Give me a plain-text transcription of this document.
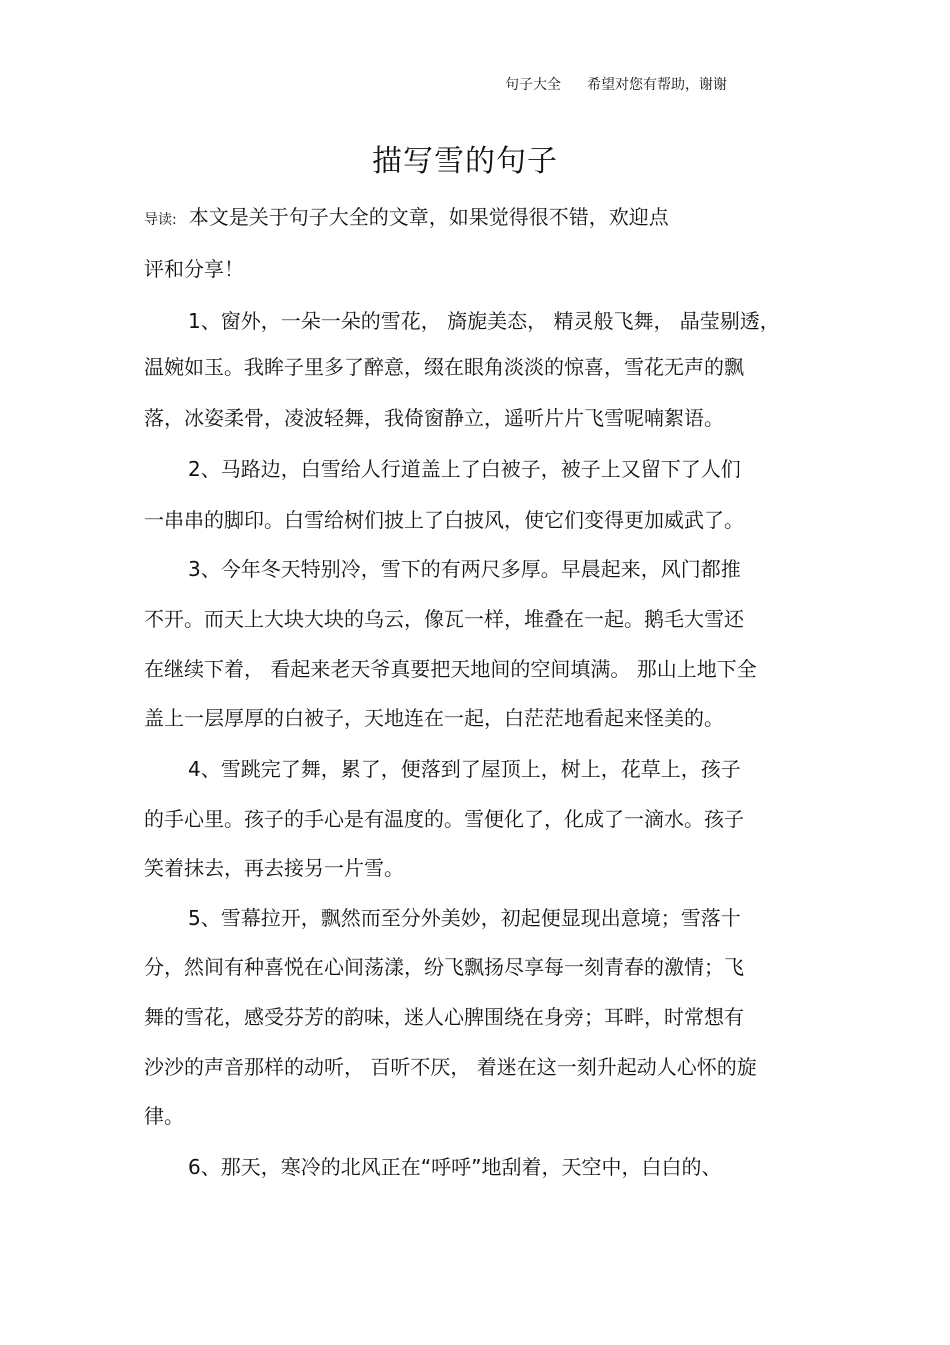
句子大全 希望对您有帮助，谢谢
描写雪的句子
导读: 本文是关于句子大全的文章，如果觉得很不错，欢迎点
评和分享！
1、窗外，一朵一朵的雪花， 旖旎美态， 精灵般飞舞， 晶莹剔透，
温婉如玉。我眸子里多了醉意，缀在眼角淡淡的惊喜，雪花无声的飘
落，冰姿柔骨，凌波轻舞，我倚窗静立，遥听片片飞雪呢喃絮语。
2、马路边，白雪给人行道盖上了白被子，被子上又留下了人们
一串串的脚印。白雪给树们披上了白披风，使它们变得更加威武了。
3、今年冬天特别冷，雪下的有两尺多厚。早晨起来，风门都推
不开。而天上大块大块的乌云，像瓦一样，堆叠在一起。鹅毛大雪还
在继续下着， 看起来老天爷真要把天地间的空间填满。 那山上地下全
盖上一层厚厚的白被子，天地连在一起，白茫茫地看起来怪美的。
4、雪跳完了舞，累了，便落到了屋顶上，树上，花草上，孩子
的手心里。孩子的手心是有温度的。雪便化了，化成了一滴水。孩子
笑着抹去，再去接另一片雪。
5、雪幕拉开，飘然而至分外美妙，初起便显现出意境；雪落十
分，然间有种喜悦在心间荡漾，纷飞飘扬尽享每一刻青春的激情；飞
舞的雪花，感受芬芳的韵味，迷人心脾围绕在身旁；耳畔，时常想有
沙沙的声音那样的动听， 百听不厌， 着迷在这一刻升起动人心怀的旋
律。
6、那天，寒冷的北风正在“呼呼”地刮着，天空中，白白的、
